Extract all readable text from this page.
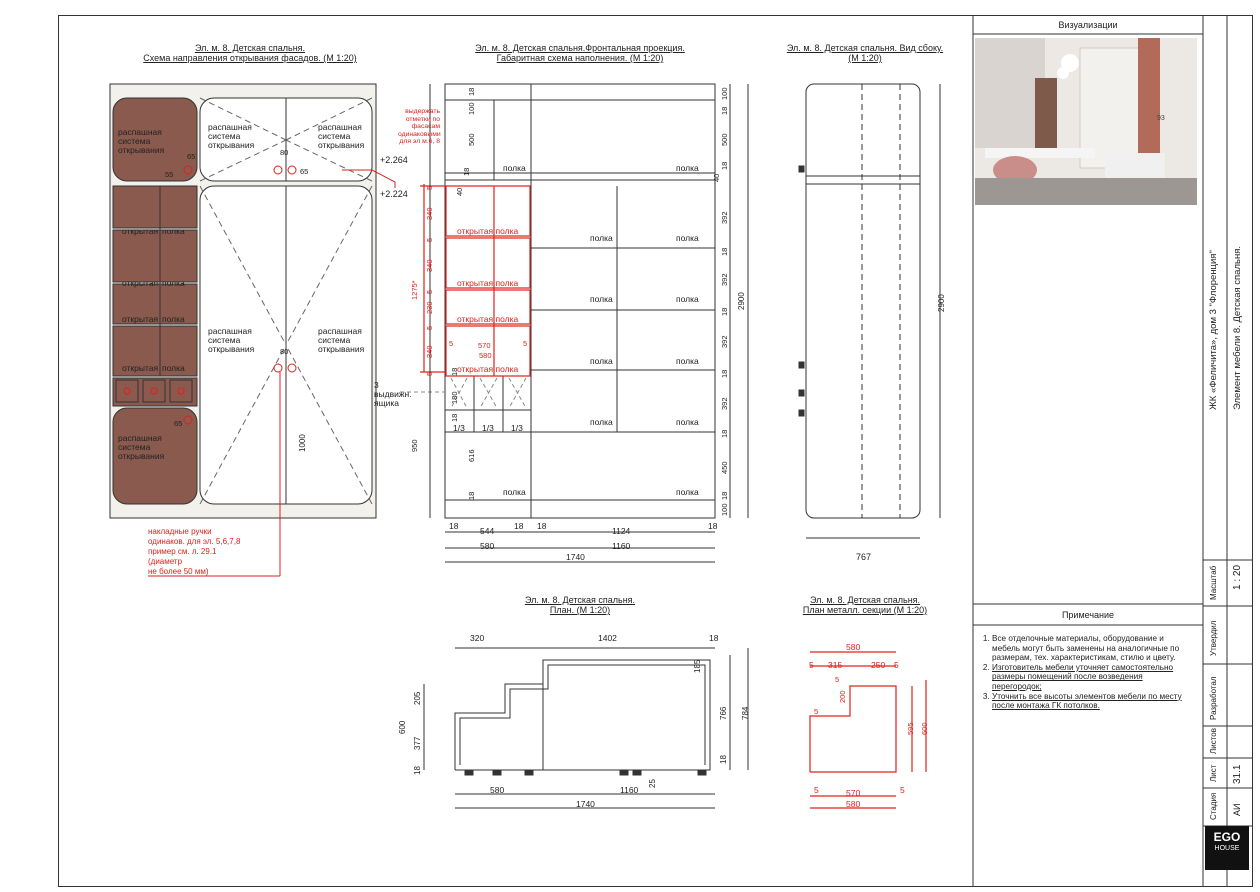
Эл. м. 8. Детская спальня.
Схема направления открывания фасадов. (М 1:20)
Эл. м. 8. Детская спальня.Фронтальная проекция.
Габаритная схема наполнения. (М 1:20)
Эл. м. 8. Детская спальня. Вид сбоку.
(М 1:20)
Эл. м. 8. Детская спальня.
План. (М 1:20)
Эл. м. 8. Детская спальня.
План металл. секции (М 1:20)
распашная система открывания
распашная система открывания
распашная система открывания
распашная система открывания
распашная система открывания
распашная система открывания
открытая полка
открытая полка
открытая полка
открытая полка
+2.264
+2.224
65	80
65
80
65
1000
55
выдержать отметки по фасасам одинаковыми для эл м.6, 8
накладные ручки
одинаков. для эл. 5,6,7,8
пример см. л. 29.1
(диаметр
не более 50 мм)
полка	полка
полка	полка
полка	полка
полка	полка
полка	полка
полка	полка
открытая полка
открытая полка
открытая полка
открытая полка
3 выдвижн. ящика
1/3 1/3 1/3
5	570	5
580
18
100
500
18
40
5
340
5
340
5
230
5
340
5 18
180
18
616
18
950
1275*
100
18
500
18
40
392
18
392
18
392
18
392
18
450
18
100
2900
18	544 18 18	1124	18
580	1160
1740
2900
767
320	1402	18
205
600
377
18
185
766 784
18
580	1160
25
1740
580
5 315	250 5
5
200
5
595 600
5	570	5
580
Визуализации
93
Примечание
1. Все отделочные материалы, оборудование и мебель могут быть заменены на аналогичные по размерам, тех. характеристикам, стилю и цвету.
2. Изготовитель мебели уточняет самостоятельно размеры помещений после возведения перегородок;
3. Уточнить все высоты элементов мебели по месту после монтажа ГК потолков.
ЖК «Феличита», дом 3 "Флоренция" Элемент мебели 8. Детская спальня.
Масштаб 1 : 20
Утвердил
Разработал
Листов
Лист 31.1
Стадия АИ
EGO
HOUSE
